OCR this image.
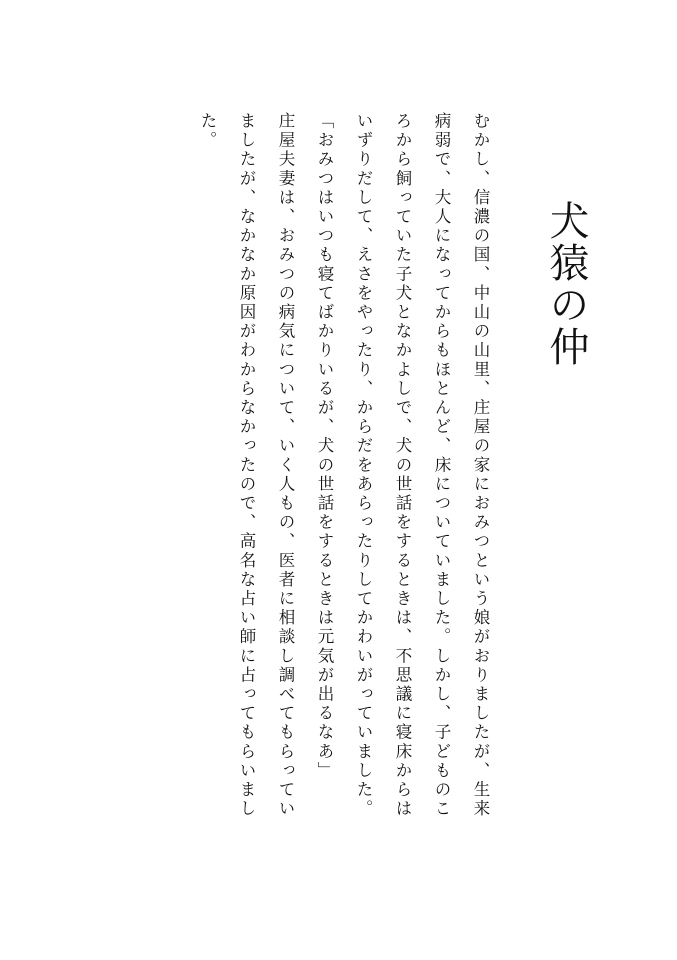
犬猿の仲

むかし、信濃の国、中山の山里、庄屋の家におみつという娘がおりましたが、生来病弱で、大人になってからもほとんど、床についていました。しかし、子どものころから飼っていた子犬となかよしで、犬の世話をするときは、不思議に寝床からはいずりだして、えさをやったり、からだをあらったりしてかわいがっていました。

「おみつはいつも寝てばかりいるが、犬の世話をするときは元気が出るなあ」

庄屋夫妻は、おみつの病気について、いく人もの、医者に相談し調べてもらっていましたが、なかなか原因がわからなかったので、高名な占い師に占ってもらいました。
